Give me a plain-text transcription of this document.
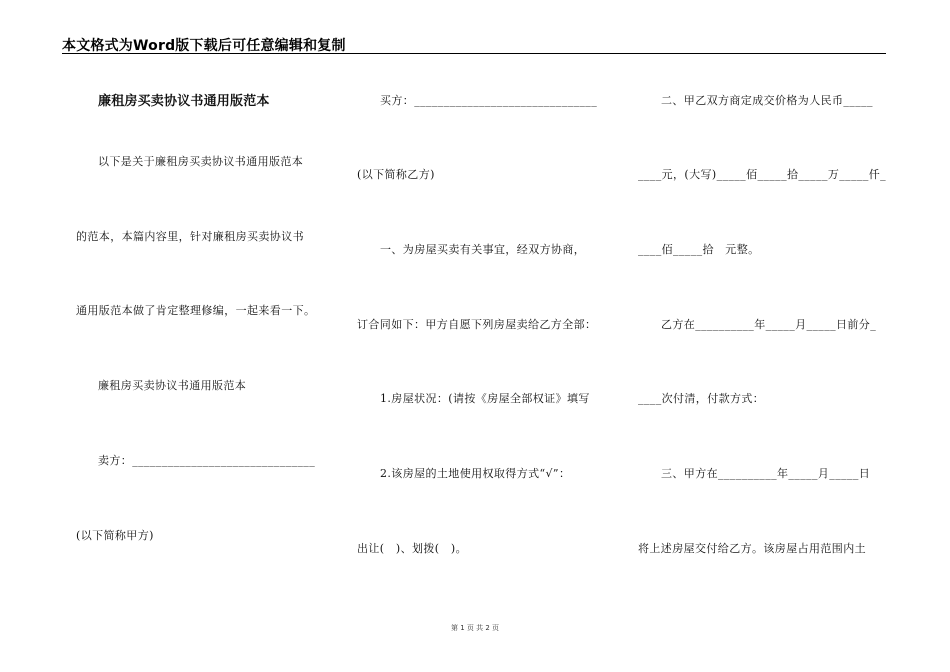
本文格式为Word版下载后可任意编辑和复制
廉租房买卖协议书通用版范本
以下是关于廉租房买卖协议书通用版范本
的范本，本篇内容里，针对廉租房买卖协议书
通用版范本做了肯定整理修编，一起来看一下。
廉租房买卖协议书通用版范本
卖方：_______________________________
(以下简称甲方)
买方：_______________________________
(以下简称乙方)
一、为房屋买卖有关事宜，经双方协商，
订合同如下：甲方自愿下列房屋卖给乙方全部：
1.房屋状况：(请按《房屋全部权证》填写
2.该房屋的土地使用权取得方式“√”：
出让(　)、划拨(　)。
二、甲乙双方商定成交价格为人民币_____
____元，(大写)_____佰_____拾_____万_____仟_
____佰_____拾　元整。
乙方在__________年_____月_____日前分_
____次付清，付款方式：
三、甲方在__________年_____月_____日
将上述房屋交付给乙方。该房屋占用范围内土
第 1 页 共 2 页
